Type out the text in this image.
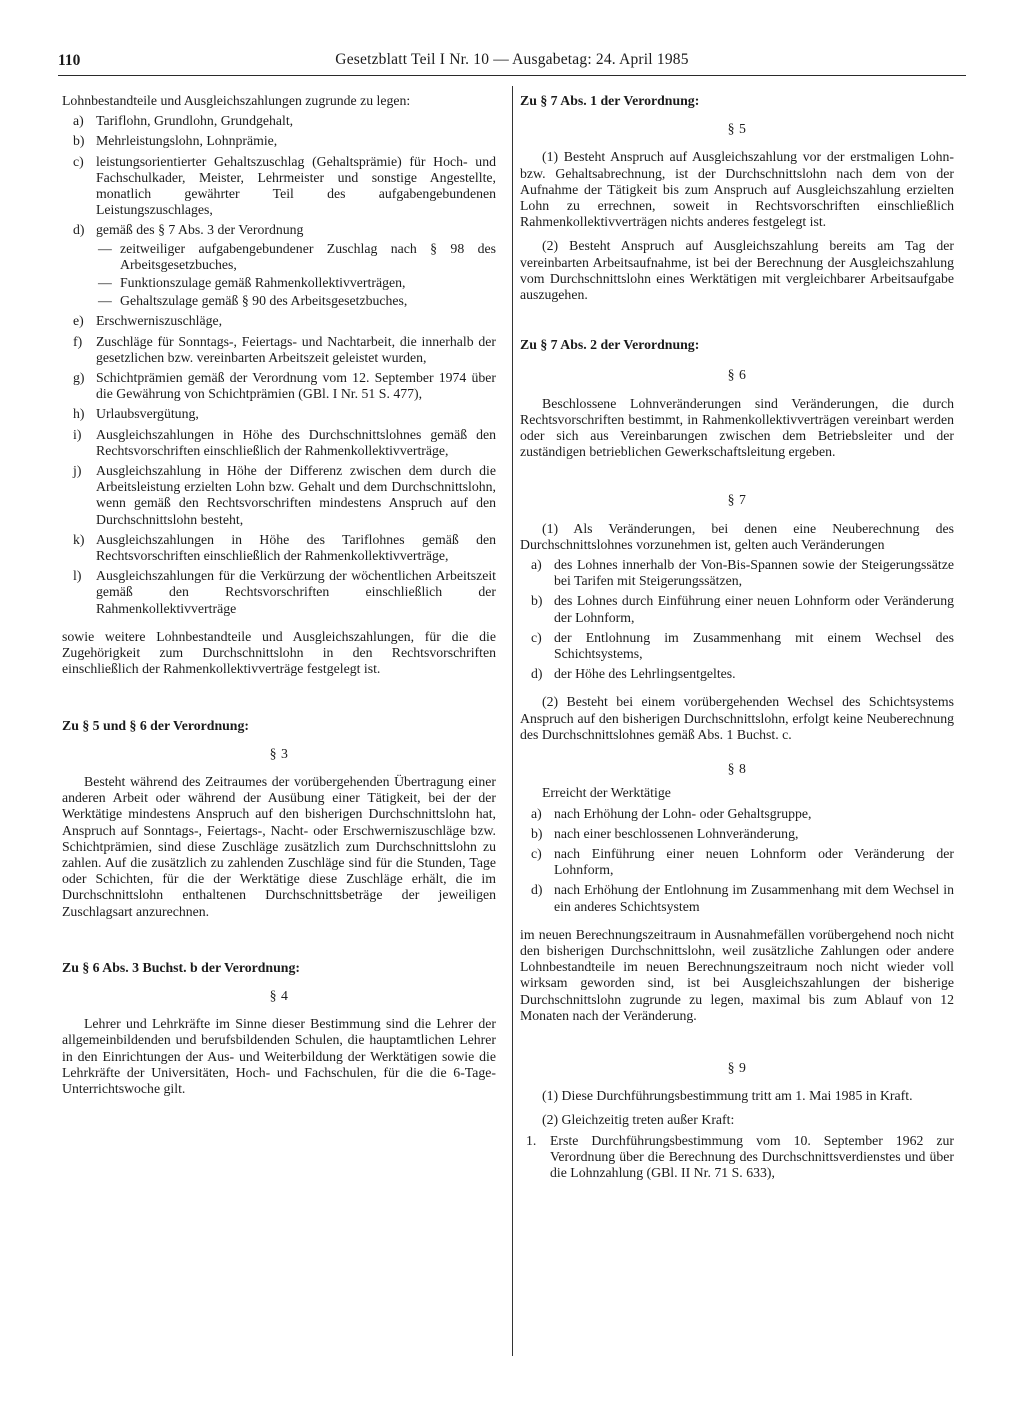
110	Gesetzblatt Teil I Nr. 10 — Ausgabetag: 24. April 1985

Lohnbestandteile und Ausgleichszahlungen zugrunde zu legen:

a) Tariflohn, Grundlohn, Grundgehalt,
b) Mehrleistungslohn, Lohnprämie,
c) leistungsorientierter Gehaltszuschlag (Gehaltsprämie) für Hoch- und Fachschulkader, Meister, Lehrmeister und sonstige Angestellte, monatlich gewährter Teil des aufgabengebundenen Leistungszuschlages,
d) gemäß des § 7 Abs. 3 der Verordnung
— zeitweiliger aufgabengebundener Zuschlag nach § 98 des Arbeitsgesetzbuches,
— Funktionszulage gemäß Rahmenkollektivverträgen,
— Gehaltszulage gemäß § 90 des Arbeitsgesetzbuches,
e) Erschwerniszuschläge,
f) Zuschläge für Sonntags-, Feiertags- und Nachtarbeit, die innerhalb der gesetzlichen bzw. vereinbarten Arbeitszeit geleistet wurden,
g) Schichtprämien gemäß der Verordnung vom 12. September 1974 über die Gewährung von Schichtprämien (GBl. I Nr. 51 S. 477),
h) Urlaubsvergütung,
i) Ausgleichszahlungen in Höhe des Durchschnittslohnes gemäß den Rechtsvorschriften einschließlich der Rahmenkollektivverträge,
j) Ausgleichszahlung in Höhe der Differenz zwischen dem durch die Arbeitsleistung erzielten Lohn bzw. Gehalt und dem Durchschnittslohn, wenn gemäß den Rechtsvorschriften mindestens Anspruch auf den Durchschnittslohn besteht,
k) Ausgleichszahlungen in Höhe des Tariflohnes gemäß den Rechtsvorschriften einschließlich der Rahmenkollektivverträge,
l) Ausgleichszahlungen für die Verkürzung der wöchentlichen Arbeitszeit gemäß den Rechtsvorschriften einschließlich der Rahmenkollektivverträge

sowie weitere Lohnbestandteile und Ausgleichszahlungen, für die die Zugehörigkeit zum Durchschnittslohn in den Rechtsvorschriften einschließlich der Rahmenkollektivverträge festgelegt ist.

Zu § 5 und § 6 der Verordnung:

§ 3

Besteht während des Zeitraumes der vorübergehenden Übertragung einer anderen Arbeit oder während der Ausübung einer Tätigkeit, bei der der Werktätige mindestens Anspruch auf den bisherigen Durchschnittslohn hat, Anspruch auf Sonntags-, Feiertags-, Nacht- oder Erschwerniszuschläge bzw. Schichtprämien, sind diese Zuschläge zusätzlich zum Durchschnittslohn zu zahlen. Auf die zusätzlich zu zahlenden Zuschläge sind für die Stunden, Tage oder Schichten, für die der Werktätige diese Zuschläge erhält, die im Durchschnittslohn enthaltenen Durchschnittsbeträge der jeweiligen Zuschlagsart anzurechnen.

Zu § 6 Abs. 3 Buchst. b der Verordnung:

§ 4

Lehrer und Lehrkräfte im Sinne dieser Bestimmung sind die Lehrer der allgemeinbildenden und berufsbildenden Schulen, die hauptamtlichen Lehrer in den Einrichtungen der Aus- und Weiterbildung der Werktätigen sowie die Lehrkräfte der Universitäten, Hoch- und Fachschulen, für die die 6-Tage-Unterrichtswoche gilt.

Zu § 7 Abs. 1 der Verordnung:

§ 5

(1) Besteht Anspruch auf Ausgleichszahlung vor der erstmaligen Lohn- bzw. Gehaltsabrechnung, ist der Durchschnittslohn nach dem von der Aufnahme der Tätigkeit bis zum Anspruch auf Ausgleichszahlung erzielten Lohn zu errechnen, soweit in Rechtsvorschriften einschließlich Rahmenkollektivverträgen nichts anderes festgelegt ist.

(2) Besteht Anspruch auf Ausgleichszahlung bereits am Tag der vereinbarten Arbeitsaufnahme, ist bei der Berechnung der Ausgleichszahlung vom Durchschnittslohn eines Werktätigen mit vergleichbarer Arbeitsaufgabe auszugehen.

Zu § 7 Abs. 2 der Verordnung:

§ 6

Beschlossene Lohnveränderungen sind Veränderungen, die durch Rechtsvorschriften bestimmt, in Rahmenkollektivverträgen vereinbart werden oder sich aus Vereinbarungen zwischen dem Betriebsleiter und der zuständigen betrieblichen Gewerkschaftsleitung ergeben.

§ 7

(1) Als Veränderungen, bei denen eine Neuberechnung des Durchschnittslohnes vorzunehmen ist, gelten auch Veränderungen

a) des Lohnes innerhalb der Von-Bis-Spannen sowie der Steigerungssätze bei Tarifen mit Steigerungssätzen,
b) des Lohnes durch Einführung einer neuen Lohnform oder Veränderung der Lohnform,
c) der Entlohnung im Zusammenhang mit einem Wechsel des Schichtsystems,
d) der Höhe des Lehrlingsentgeltes.

(2) Besteht bei einem vorübergehenden Wechsel des Schichtsystems Anspruch auf den bisherigen Durchschnittslohn, erfolgt keine Neuberechnung des Durchschnittslohnes gemäß Abs. 1 Buchst. c.

§ 8

Erreicht der Werktätige

a) nach Erhöhung der Lohn- oder Gehaltsgruppe,
b) nach einer beschlossenen Lohnveränderung,
c) nach Einführung einer neuen Lohnform oder Veränderung der Lohnform,
d) nach Erhöhung der Entlohnung im Zusammenhang mit dem Wechsel in ein anderes Schichtsystem

im neuen Berechnungszeitraum in Ausnahmefällen vorübergehend noch nicht den bisherigen Durchschnittslohn, weil zusätzliche Zahlungen oder andere Lohnbestandteile im neuen Berechnungszeitraum noch nicht wieder voll wirksam geworden sind, ist bei Ausgleichszahlungen der bisherige Durchschnittslohn zugrunde zu legen, maximal bis zum Ablauf von 12 Monaten nach der Veränderung.

§ 9

(1) Diese Durchführungsbestimmung tritt am 1. Mai 1985 in Kraft.

(2) Gleichzeitig treten außer Kraft:

1. Erste Durchführungsbestimmung vom 10. September 1962 zur Verordnung über die Berechnung des Durchschnittsverdienstes und über die Lohnzahlung (GBl. II Nr. 71 S. 633),
